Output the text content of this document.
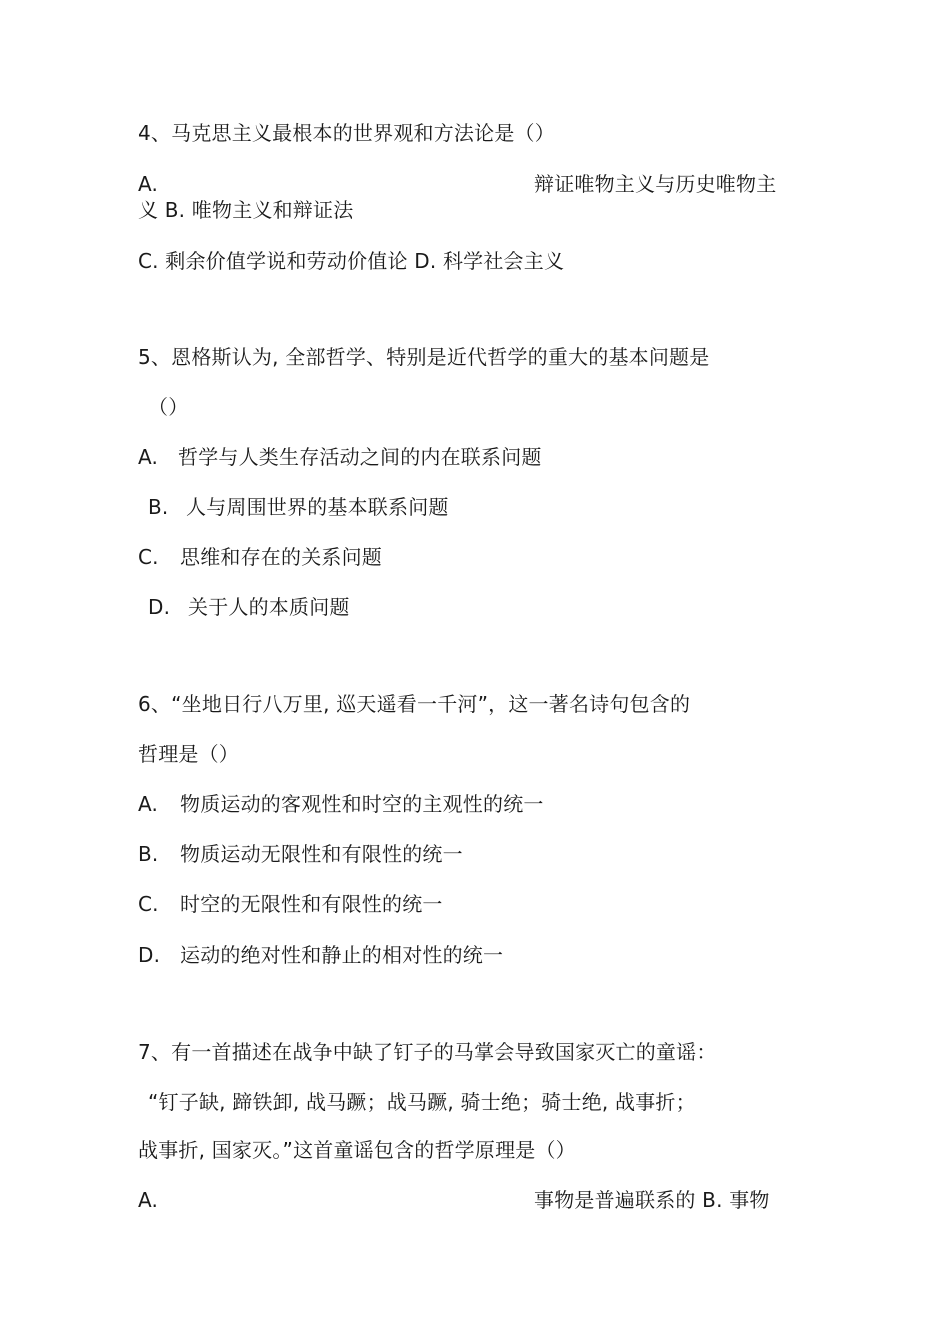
4、马克思主义最根本的世界观和方法论是（）
A.	辩证唯物主义与历史唯物主
义 B. 唯物主义和辩证法
C. 剩余价值学说和劳动价值论 D. 科学社会主义
5、恩格斯认为, 全部哲学、特别是近代哲学的重大的基本问题是
（）
A. 哲学与人类生存活动之间的内在联系问题
B. 人与周围世界的基本联系问题
C. 思维和存在的关系问题
D. 关于人的本质问题
6、“坐地日行八万里, 巡天遥看一千河”，这一著名诗句包含的
哲理是（）
A. 物质运动的客观性和时空的主观性的统一
B. 物质运动无限性和有限性的统一
C. 时空的无限性和有限性的统一
D. 运动的绝对性和静止的相对性的统一
7、有一首描述在战争中缺了钉子的马掌会导致国家灭亡的童谣：
“钉子缺, 蹄铁卸, 战马蹶；战马蹶, 骑士绝；骑士绝, 战事折；
战事折, 国家灭。”这首童谣包含的哲学原理是（）
A.	事物是普遍联系的 B. 事物
